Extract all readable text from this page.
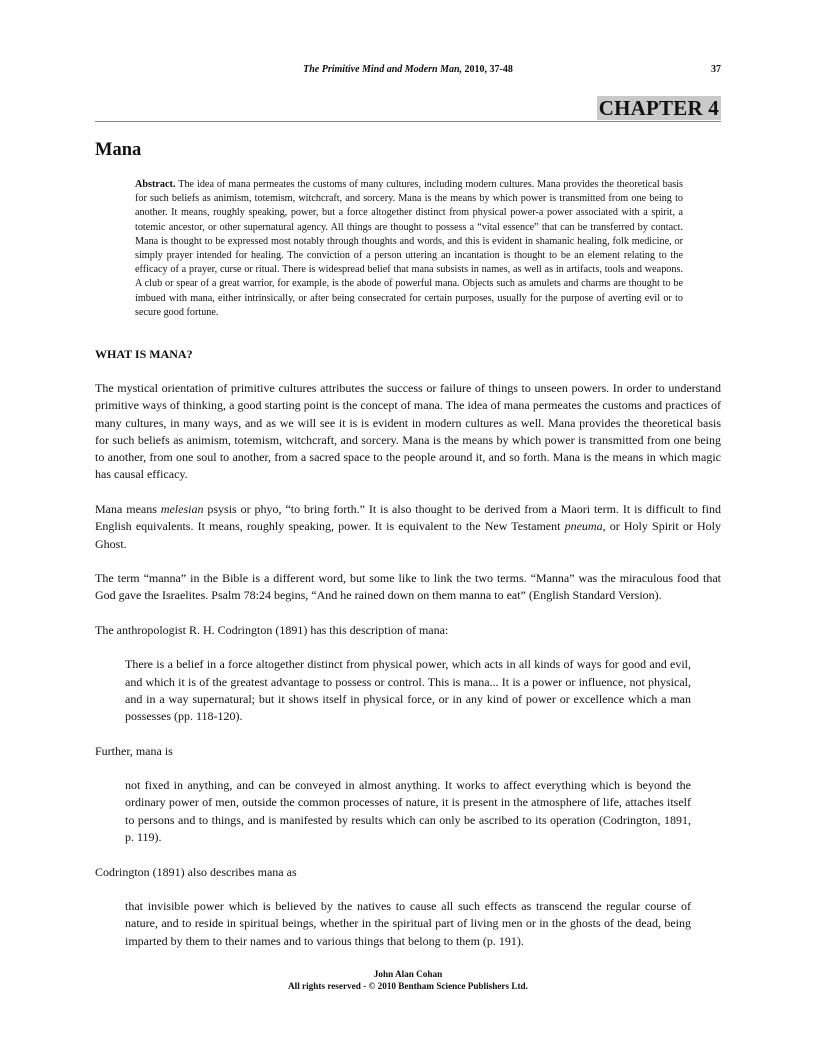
The Primitive Mind and Modern Man, 2010, 37-48	37
CHAPTER 4
Mana

Abstract. The idea of mana permeates the customs of many cultures, including modern cultures. Mana provides the theoretical basis for such beliefs as animism, totemism, witchcraft, and sorcery. Mana is the means by which power is transmitted from one being to another. It means, roughly speaking, power, but a force altogether distinct from physical power-a power associated with a spirit, a totemic ancestor, or other supernatural agency. All things are thought to possess a “vital essence” that can be transferred by contact. Mana is thought to be expressed most notably through thoughts and words, and this is evident in shamanic healing, folk medicine, or simply prayer intended for healing. The conviction of a person uttering an incantation is thought to be an element relating to the efficacy of a prayer, curse or ritual. There is widespread belief that mana subsists in names, as well as in artifacts, tools and weapons. A club or spear of a great warrior, for example, is the abode of powerful mana. Objects such as amulets and charms are thought to be imbued with mana, either intrinsically, or after being consecrated for certain purposes, usually for the purpose of averting evil or to secure good fortune.

WHAT IS MANA?

The mystical orientation of primitive cultures attributes the success or failure of things to unseen powers. In order to understand primitive ways of thinking, a good starting point is the concept of mana. The idea of mana permeates the customs and practices of many cultures, in many ways, and as we will see it is is evident in modern cultures as well. Mana provides the theoretical basis for such beliefs as animism, totemism, witchcraft, and sorcery. Mana is the means by which power is transmitted from one being to another, from one soul to another, from a sacred space to the people around it, and so forth. Mana is the means in which magic has causal efficacy.

Mana means melesian psysis or phyo, “to bring forth.” It is also thought to be derived from a Maori term. It is difficult to find English equivalents. It means, roughly speaking, power. It is equivalent to the New Testament pneuma, or Holy Spirit or Holy Ghost.

The term “manna” in the Bible is a different word, but some like to link the two terms. “Manna” was the miraculous food that God gave the Israelites. Psalm 78:24 begins, “And he rained down on them manna to eat” (English Standard Version).

The anthropologist R. H. Codrington (1891) has this description of mana:

There is a belief in a force altogether distinct from physical power, which acts in all kinds of ways for good and evil, and which it is of the greatest advantage to possess or control. This is mana... It is a power or influence, not physical, and in a way supernatural; but it shows itself in physical force, or in any kind of power or excellence which a man possesses (pp. 118-120).

Further, mana is

not fixed in anything, and can be conveyed in almost anything. It works to affect everything which is beyond the ordinary power of men, outside the common processes of nature, it is present in the atmosphere of life, attaches itself to persons and to things, and is manifested by results which can only be ascribed to its operation (Codrington, 1891, p. 119).

Codrington (1891) also describes mana as

that invisible power which is believed by the natives to cause all such effects as transcend the regular course of nature, and to reside in spiritual beings, whether in the spiritual part of living men or in the ghosts of the dead, being imparted by them to their names and to various things that belong to them (p. 191).

John Alan Cohan
All rights reserved - © 2010 Bentham Science Publishers Ltd.
